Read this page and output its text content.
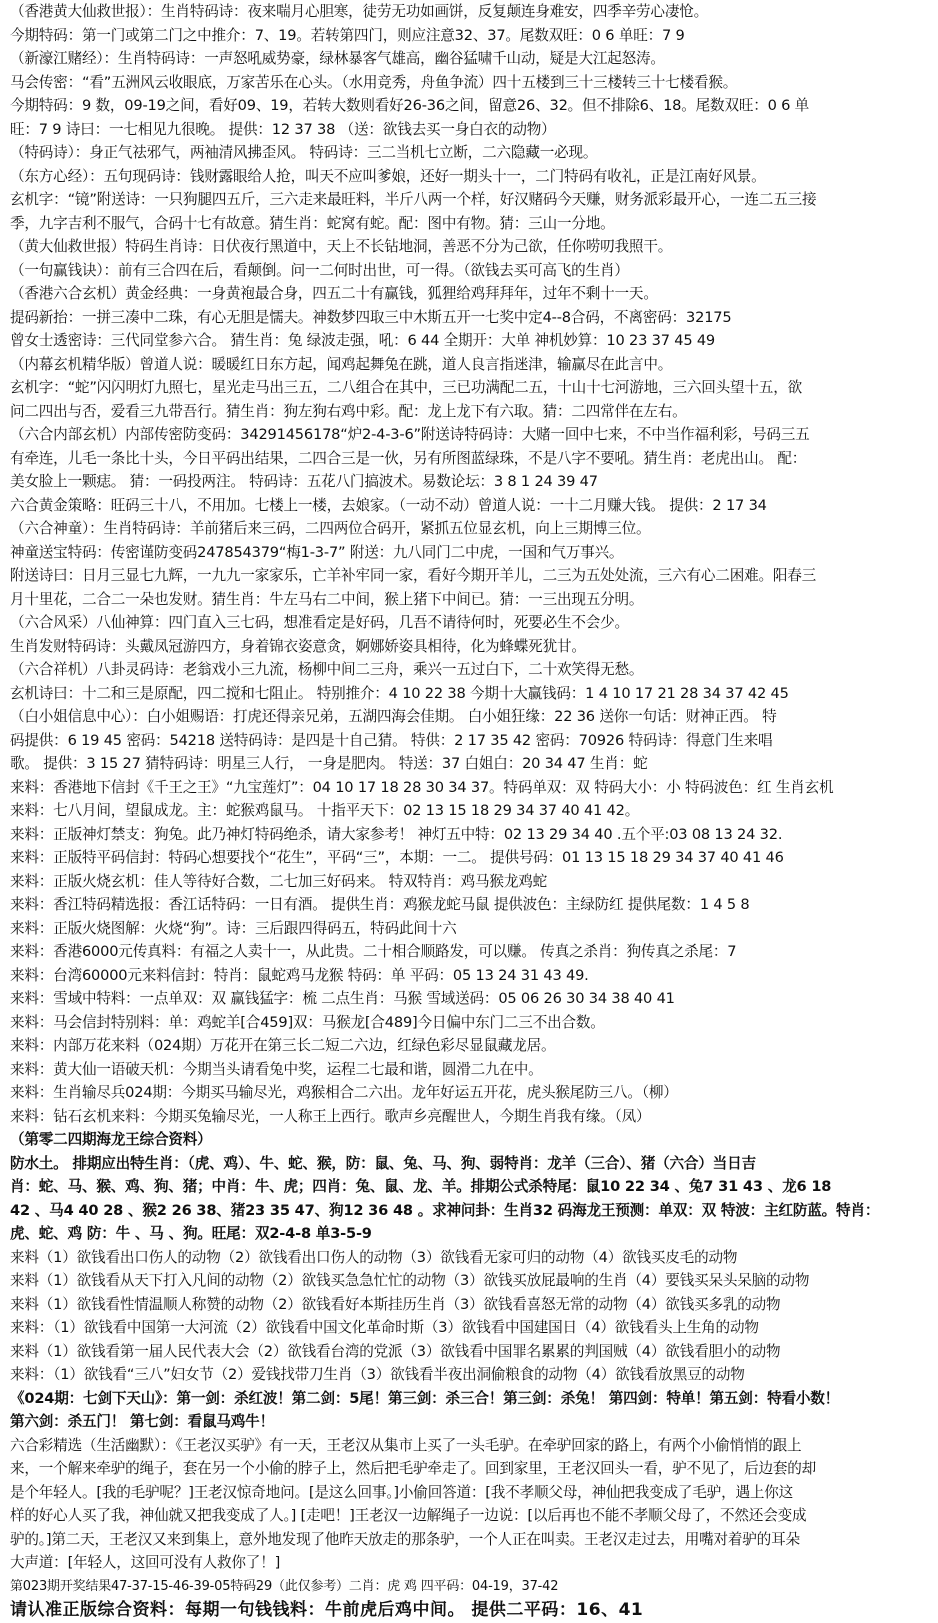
（香港黄大仙救世报）：生肖特码诗：夜来喘月心胆寒，徒劳无功如画饼，反复颠连身难安，四季辛劳心凄怆。
今期特码：第一门或第二门之中推介：7、19。若转第四门，则应注意32、37。尾数双旺：0 6 单旺：7 9
（新濠江赌经）：生肖特码诗：一声怒吼威势豪，绿林暴客气雄高，幽谷猛啸千山动，疑是大江起怒涛。
马会传密：“看”五洲风云收眼底，万家苦乐在心头。（水用竞秀，舟鱼争流）四十五楼到三十三楼转三十七楼看猴。
今期特码：9 数，09-19之间，看好09、19，若转大数则看好26-36之间，留意26、32。但不排除6、18。尾数双旺：0 6 单
旺：7 9 诗曰：一七相见九很晚。 提供：12 37 38 （送：欲钱去买一身白衣的动物）
（特码诗）：身正气祛邪气，两袖清风拂歪风。 特码诗：三二当机七立断，二六隐藏一必现。
（东方心经）：五句现码诗：钱财露眼给人抢，叫天不应叫爹娘，还好一期头十一，二门特码有收礼，正是江南好风景。
玄机字：“镜”附送诗：一只狗腿四五斤，三六走来最旺料，半斤八两一个样，好汉赌码今天赚，财务派彩最开心，一连二五三接
季，九字吉利不服气，合码十七有故意。猜生肖：蛇窝有蛇。配：图中有物。猜：三山一分地。
（黄大仙救世报）特码生肖诗：日伏夜行黑道中，天上不长钻地洞，善恶不分为己欲，任你唠叨我照干。
（一句赢钱诀）：前有三合四在后，看颠倒。问一二何时出世，可一得。（欲钱去买可高飞的生肖）
（香港六合玄机）黄金经典：一身黄袍最合身，四五二十有赢钱，狐狸给鸡拜拜年，过年不剩十一天。
提码新抬：一拼三凑中二珠，有心无胆是懦夫。神数梦四取三中木斯五开一七奖中定4--8合码，不离密码：32175
曾女士透密诗：三代同堂参六合。 猜生肖：兔 绿波走强，吼：6 44 全期开：大单 神机妙算：10 23 37 45 49
（内幕玄机精华版）曾道人说：暖暖红日东方起，闻鸡起舞兔在跳，道人良言指迷津，输赢尽在此言中。
玄机字：“蛇”闪闪明灯九照七，星光走马出三五，二八组合在其中，三已功满配二五，十山十七河游地，三六回头望十五，欲
问二四出与否，爱看三九带吾行。猜生肖：狗左狗右鸡中彩。配：龙上龙下有六取。猜：二四常伴在左右。
（六合内部玄机）内部传密防变码：34291456178“炉2-4-3-6”附送诗特码诗：大赌一回中七来，不中当作福利彩，号码三五
有牵连，儿毛一条比十头，今日平码出结果，二四合三是一伙，另有所图蓝绿珠，不是八字不要吼。猜生肖：老虎出山。 配：
美女脸上一颗痣。 猜：一码投两注。 特码诗：五花八门搞波术。易数论坛：3 8 1 24 39 47
六合黄金策略：旺码三十八，不用加。七楼上一楼，去娘家。（一动不动）曾道人说：一十二月赚大钱。 提供：2 17 34
（六合神童）：生肖特码诗：羊前猪后来三码，二四两位合码开，紧抓五位显玄机，向上三期博三位。
神童送宝特码：传密谨防变码247854379“梅1-3-7” 附送：九八同门二中虎，一国和气万事兴。
附送诗曰：日月三显七九辉，一九九一家家乐，亡羊补牢同一家，看好今期开羊儿，二三为五处处流，三六有心二困难。阳春三
月十里花，二合二一朵也发财。猜生肖：牛左马右二中间，猴上猪下中间已。猜：一三出现五分明。
（六合风采）八仙神算：四门直入三七码，想准看定是好码，几吾不请待何时，死要必生不会少。
生肖发财特码诗：头戴凤冠游四方，身着锦衣姿意贪，婀娜娇姿具相待，化为蜂蝶死犹甘。
（六合祥机）八卦灵码诗：老翁戏小三九流，杨柳中间二三舟，乘兴一五过白下，二十欢笑得无愁。
玄机诗曰：十二和三是原配，四二搅和七阻止。 特别推介：4 10 22 38 今期十大赢钱码：1 4 10 17 21 28 34 37 42 45
（白小姐信息中心）：白小姐赐语：打虎还得亲兄弟，五湖四海会佳期。 白小姐狂缘：22 36 送你一句话：财神正西。 特
码提供：6 19 45 密码：54218 送特码诗：是四是十自己猜。 特供：2 17 35 42 密码：70926 特码诗：得意门生来唱
歌。 提供：3 15 27 猜特码诗：明星三人行， 一身是肥肉。 特送：37 白姐白：20 34 47 生肖：蛇
来料：香港地下信封《千王之王》“九宝莲灯”：04 10 17 18 28 30 34 37。特码单双：双 特码大小：小 特码波色：红 生肖玄机
来料：七八月间，望鼠成龙。主：蛇猴鸡鼠马。 十指平天下：02 13 15 18 29 34 37 40 41 42。
来料：正版神灯禁支：狗兔。此乃神灯特码绝杀，请大家参考！ 神灯五中特：02 13 29 34 40 .五个平:03 08 13 24 32.
来料：正版特平码信封：特码心想要找个“花生”，平码“三”，本期：一二。 提供号码：01 13 15 18 29 34 37 40 41 46
来料：正版火烧玄机：佳人等待好合数，二七加三好码来。 特双特肖：鸡马猴龙鸡蛇
来料：香江特码精选报：香江话特码：一日有酒。 提供生肖：鸡猴龙蛇马鼠 提供波色：主绿防红 提供尾数：1 4 5 8
来料：正版火烧图解：火烧“狗”。诗：三后跟四得码五，特码此间十六
来料：香港6000元传真料：有福之人卖十一，从此贵。二十相合顺路发，可以赚。 传真之杀肖：狗传真之杀尾：7
来料：台湾60000元来料信封：特肖：鼠蛇鸡马龙猴 特码：单 平码：05 13 24 31 43 49.
来料：雪域中特料：一点单双：双 赢钱猛字：梳 二点生肖：马猴 雪域送码：05 06 26 30 34 38 40 41
来料：马会信封特别料：单：鸡蛇羊[合459]双：马猴龙[合489]今日偏中东门二三不出合数。
来料：内部万花来料（024期）万花开在第三长二短二六边，红绿色彩尽显鼠藏龙居。
来料：黄大仙一语破天机：今期当头请看兔中奖，运程二七最和谐，圆滑二九在中。
来料：生肖输尽兵024期：今期买马输尽光，鸡猴相合二六出。龙年好运五开花，虎头猴尾防三八。（柳）
来料：钻石玄机来料：今期买兔输尽光，一人称王上西行。歌声乡亮醒世人，今期生肖我有缘。（凤）
（第零二四期海龙王综合资料）
防水土。 排期应出特生肖：（虎、鸡）、牛、蛇、猴，防：鼠、兔、马、狗、弱特肖：龙羊（三合）、猪（六合）当日吉
肖：蛇、马、猴、鸡、狗、猪；中肖：牛、虎；四肖：兔、鼠、龙、羊。排期公式杀特尾：鼠10 22 34 、兔7 31 43 、龙6 18
42 、马4 40 28 、猴2 26 38、猪23 35 47、狗12 36 48 。求神问卦：生肖32 码海龙王预测：单双：双 特波：主红防蓝。特肖：
虎、蛇、鸡 防：牛 、马 、狗。旺尾：双2-4-8 单3-5-9
来料（1）欲钱看出口伤人的动物（2）欲钱看出口伤人的动物（3）欲钱看无家可归的动物（4）欲钱买皮毛的动物
来料（1）欲钱看从天下打入凡间的动物（2）欲钱买急急忙忙的动物（3）欲钱买放屁最响的生肖（4）要钱买呆头呆脑的动物
来料（1）欲钱看性情温顺人称赞的动物（2）欲钱看好本斯挂历生肖（3）欲钱看喜怒无常的动物（4）欲钱买多乳的动物
来料：（1）欲钱看中国第一大河流（2）欲钱看中国文化革命时斯（3）欲钱看中国建国日（4）欲钱看头上生角的动物
来料（1）欲钱看第一届人民代表大会（2）欲钱看台湾的党派（3）欲钱看中国罪名累累的判国贼（4）欲钱看胆小的动物
来料：（1）欲钱看“三八”妇女节（2）爱钱找带刀生肖（3）欲钱看半夜出洞偷粮食的动物（4）欲钱看放黑豆的动物
《024期：七剑下天山》：第一剑：杀红波！第二剑：5尾！第三剑：杀三合！第三剑：杀兔！ 第四剑：特单！第五剑：特看小数！
第六剑：杀五门！ 第七剑：看鼠马鸡牛！
六合彩精选（生活幽默）：《王老汉买驴》有一天，王老汉从集市上买了一头毛驴。在牵驴回家的路上，有两个小偷悄悄的跟上
来，一个解来牵驴的绳子，套在另一个小偷的脖子上，然后把毛驴牵走了。回到家里，王老汉回头一看，驴不见了，后边套的却
是个年轻人。[我的毛驴呢？]王老汉惊奇地问。[是这么回事。]小偷回答道：[我不孝顺父母，神仙把我变成了毛驴，遇上你这
样的好心人买了我，神仙就又把我变成了人。] [走吧！]王老汉一边解绳子一边说：[以后再也不能不孝顺父母了，不然还会变成
驴的。]第二天，王老汉又来到集上，意外地发现了他昨天放走的那条驴，一个人正在叫卖。王老汉走过去，用嘴对着驴的耳朵
大声道：[年轻人，这回可没有人救你了！]
第023期开奖结果47-37-15-46-39-05特码29（此仅参考）二肖：虎 鸡 四平码：04-19，37-42
请认准正版综合资料：每期一句钱钱料：牛前虎后鸡中间。 提供二平码：16、41
